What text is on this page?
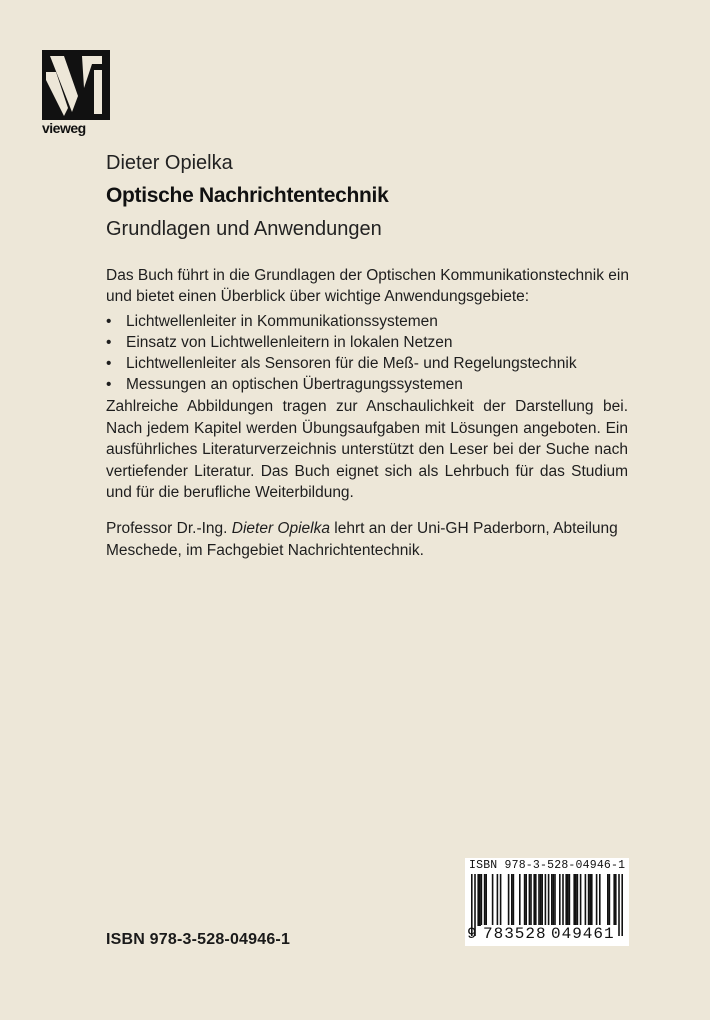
vieweg
Dieter Opielka
Optische Nachrichtentechnik
Grundlagen und Anwendungen

Das Buch führt in die Grundlagen der Optischen Kommunikationstechnik ein und bietet einen Überblick über wichtige Anwendungsgebiete:

• Lichtwellenleiter in Kommunikationssystemen
• Einsatz von Lichtwellenleitern in lokalen Netzen
• Lichtwellenleiter als Sensoren für die Meß- und Regelungstechnik
• Messungen an optischen Übertragungssystemen

Zahlreiche Abbildungen tragen zur Anschaulichkeit der Darstellung bei. Nach jedem Kapitel werden Übungsaufgaben mit Lösungen angeboten. Ein ausführliches Literaturverzeichnis unterstützt den Leser bei der Suche nach vertiefender Literatur. Das Buch eignet sich als Lehrbuch für das Studium und für die berufliche Weiterbildung.

Professor Dr.-Ing. Dieter Opielka lehrt an der Uni-GH Paderborn, Abteilung Meschede, im Fachgebiet Nachrichtentechnik.

ISBN 978-3-528-04946-1
ISBN 978-3-528-04946-1
9 783528 049461
